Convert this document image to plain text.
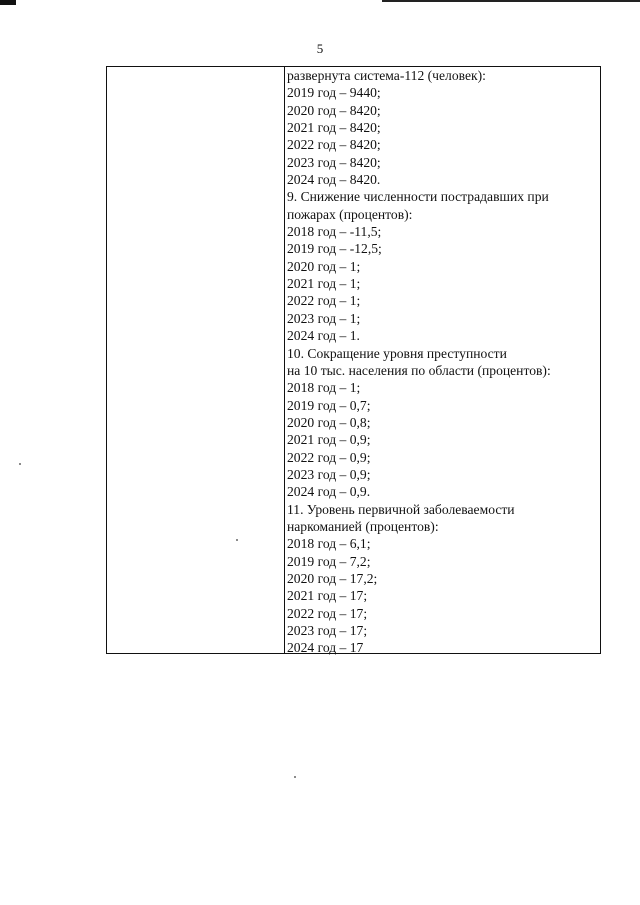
5
развернута система-112 (человек):
2019 год – 9440;
2020 год – 8420;
2021 год – 8420;
2022 год – 8420;
2023 год – 8420;
2024 год – 8420.
9. Снижение численности пострадавших при
пожарах (процентов):
2018 год – -11,5;
2019 год – -12,5;
2020 год – 1;
2021 год – 1;
2022 год – 1;
2023 год – 1;
2024 год – 1.
10. Сокращение уровня преступности
на 10 тыс. населения по области (процентов):
2018 год – 1;
2019 год – 0,7;
2020 год – 0,8;
2021 год – 0,9;
2022 год – 0,9;
2023 год – 0,9;
2024 год – 0,9.
11. Уровень первичной заболеваемости
наркоманией (процентов):
2018 год – 6,1;
2019 год – 7,2;
2020 год – 17,2;
2021 год – 17;
2022 год – 17;
2023 год – 17;
2024 год – 17
